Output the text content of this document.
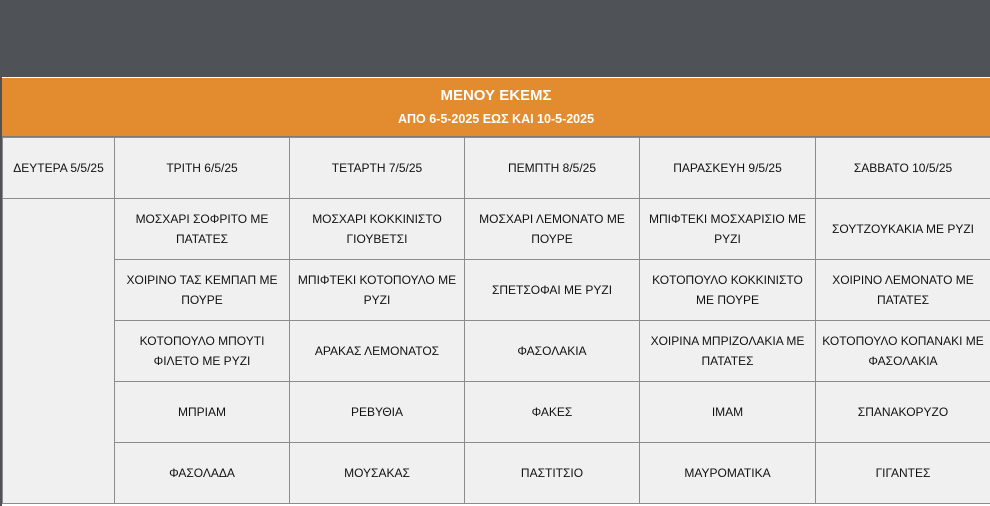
ΜΕΝΟΥ ΕΚΕΜΣ
ΑΠΟ 6-5-2025 ΕΩΣ ΚΑΙ 10-5-2025
ΔΕΥΤΕΡΑ 5/5/25	ΤΡΙΤΗ 6/5/25	ΤΕΤΑΡΤΗ 7/5/25	ΠΕΜΠΤΗ 8/5/25	ΠΑΡΑΣΚΕΥΗ 9/5/25	ΣΑΒΒΑΤΟ 10/5/25
	ΜΟΣΧΑΡΙ ΣΟΦΡΙΤΟ ΜΕ ΠΑΤΑΤΕΣ	ΜΟΣΧΑΡΙ ΚΟΚΚΙΝΙΣΤΟ ΓΙΟΥΒΕΤΣΙ	ΜΟΣΧΑΡΙ ΛΕΜΟΝΑΤΟ ΜΕ ΠΟΥΡΕ	ΜΠΙΦΤΕΚΙ ΜΟΣΧΑΡΙΣΙΟ ΜΕ ΡΥΖΙ	ΣΟΥΤΖΟΥΚΑΚΙΑ ΜΕ ΡΥΖΙ
	ΧΟΙΡΙΝΟ ΤΑΣ ΚΕΜΠΑΠ ΜΕ ΠΟΥΡΕ	ΜΠΙΦΤΕΚΙ ΚΟΤΟΠΟΥΛΟ ΜΕ ΡΥΖΙ	ΣΠΕΤΣΟΦΑΙ ΜΕ ΡΥΖΙ	ΚΟΤΟΠΟΥΛΟ ΚΟΚΚΙΝΙΣΤΟ ΜΕ ΠΟΥΡΕ	ΧΟΙΡΙΝΟ ΛΕΜΟΝΑΤΟ ΜΕ ΠΑΤΑΤΕΣ
	ΚΟΤΟΠΟΥΛΟ ΜΠΟΥΤΙ ΦΙΛΕΤΟ ΜΕ ΡΥΖΙ	ΑΡΑΚΑΣ ΛΕΜΟΝΑΤΟΣ	ΦΑΣΟΛΑΚΙΑ	ΧΟΙΡΙΝΑ ΜΠΡΙΖΟΛΑΚΙΑ ΜΕ ΠΑΤΑΤΕΣ	ΚΟΤΟΠΟΥΛΟ ΚΟΠΑΝΑΚΙ ΜΕ ΦΑΣΟΛΑΚΙΑ
	ΜΠΡΙΑΜ	ΡΕΒΥΘΙΑ	ΦΑΚΕΣ	ΙΜΑΜ	ΣΠΑΝΑΚΟΡΥΖΟ
	ΦΑΣΟΛΑΔΑ	ΜΟΥΣΑΚΑΣ	ΠΑΣΤΙΤΣΙΟ	ΜΑΥΡΟΜΑΤΙΚΑ	ΓΙΓΑΝΤΕΣ
